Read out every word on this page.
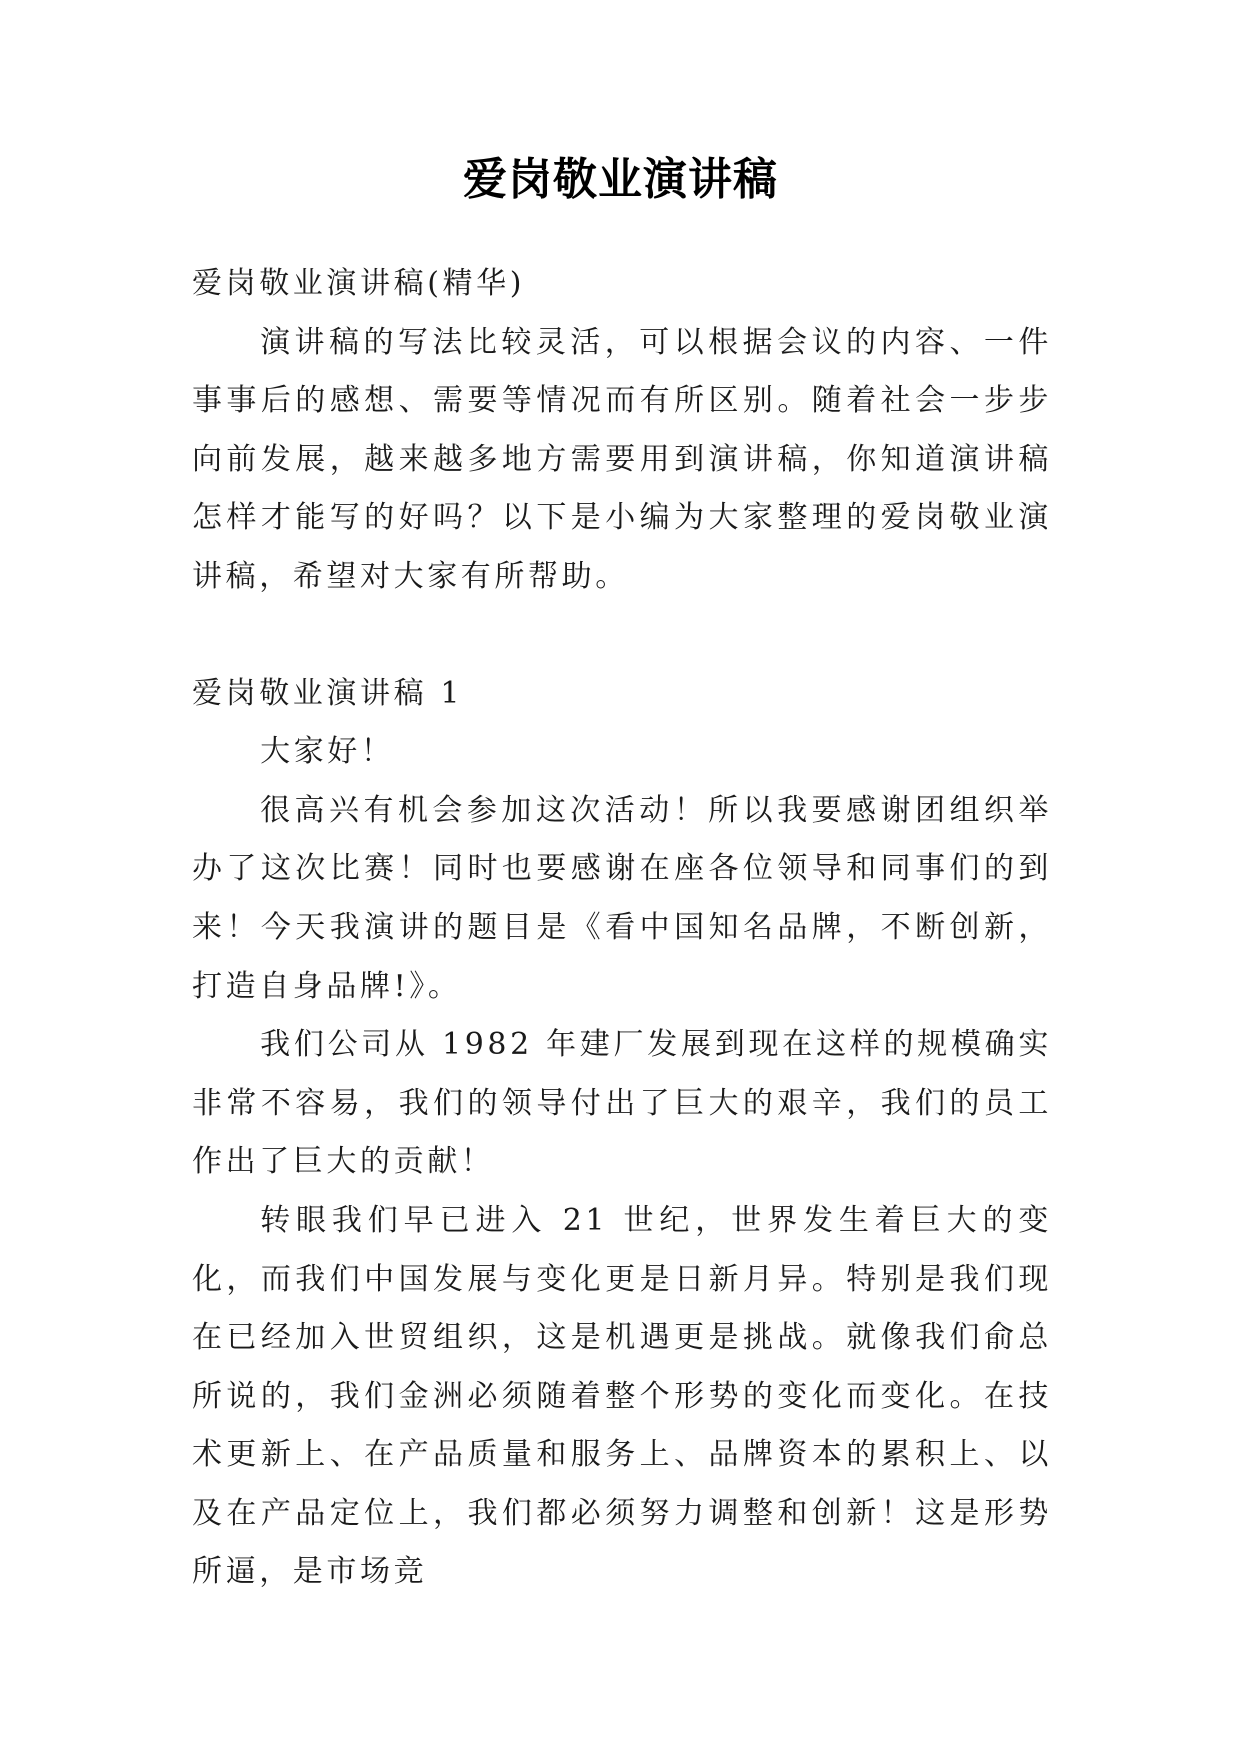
爱岗敬业演讲稿

爱岗敬业演讲稿(精华)

演讲稿的写法比较灵活，可以根据会议的内容、一件事事后的感想、需要等情况而有所区别。随着社会一步步向前发展，越来越多地方需要用到演讲稿，你知道演讲稿怎样才能写的好吗？以下是小编为大家整理的爱岗敬业演讲稿，希望对大家有所帮助。

爱岗敬业演讲稿 1

大家好！

很高兴有机会参加这次活动！所以我要感谢团组织举办了这次比赛！同时也要感谢在座各位领导和同事们的到来！今天我演讲的题目是《看中国知名品牌，不断创新，打造自身品牌!》。

我们公司从 1982 年建厂发展到现在这样的规模确实非常不容易，我们的领导付出了巨大的艰辛，我们的员工作出了巨大的贡献！

转眼我们早已进入 21 世纪，世界发生着巨大的变化，而我们中国发展与变化更是日新月异。特别是我们现在已经加入世贸组织，这是机遇更是挑战。就像我们俞总所说的，我们金洲必须随着整个形势的变化而变化。在技术更新上、在产品质量和服务上、品牌资本的累积上、以及在产品定位上，我们都必须努力调整和创新！这是形势所逼，是市场竞
